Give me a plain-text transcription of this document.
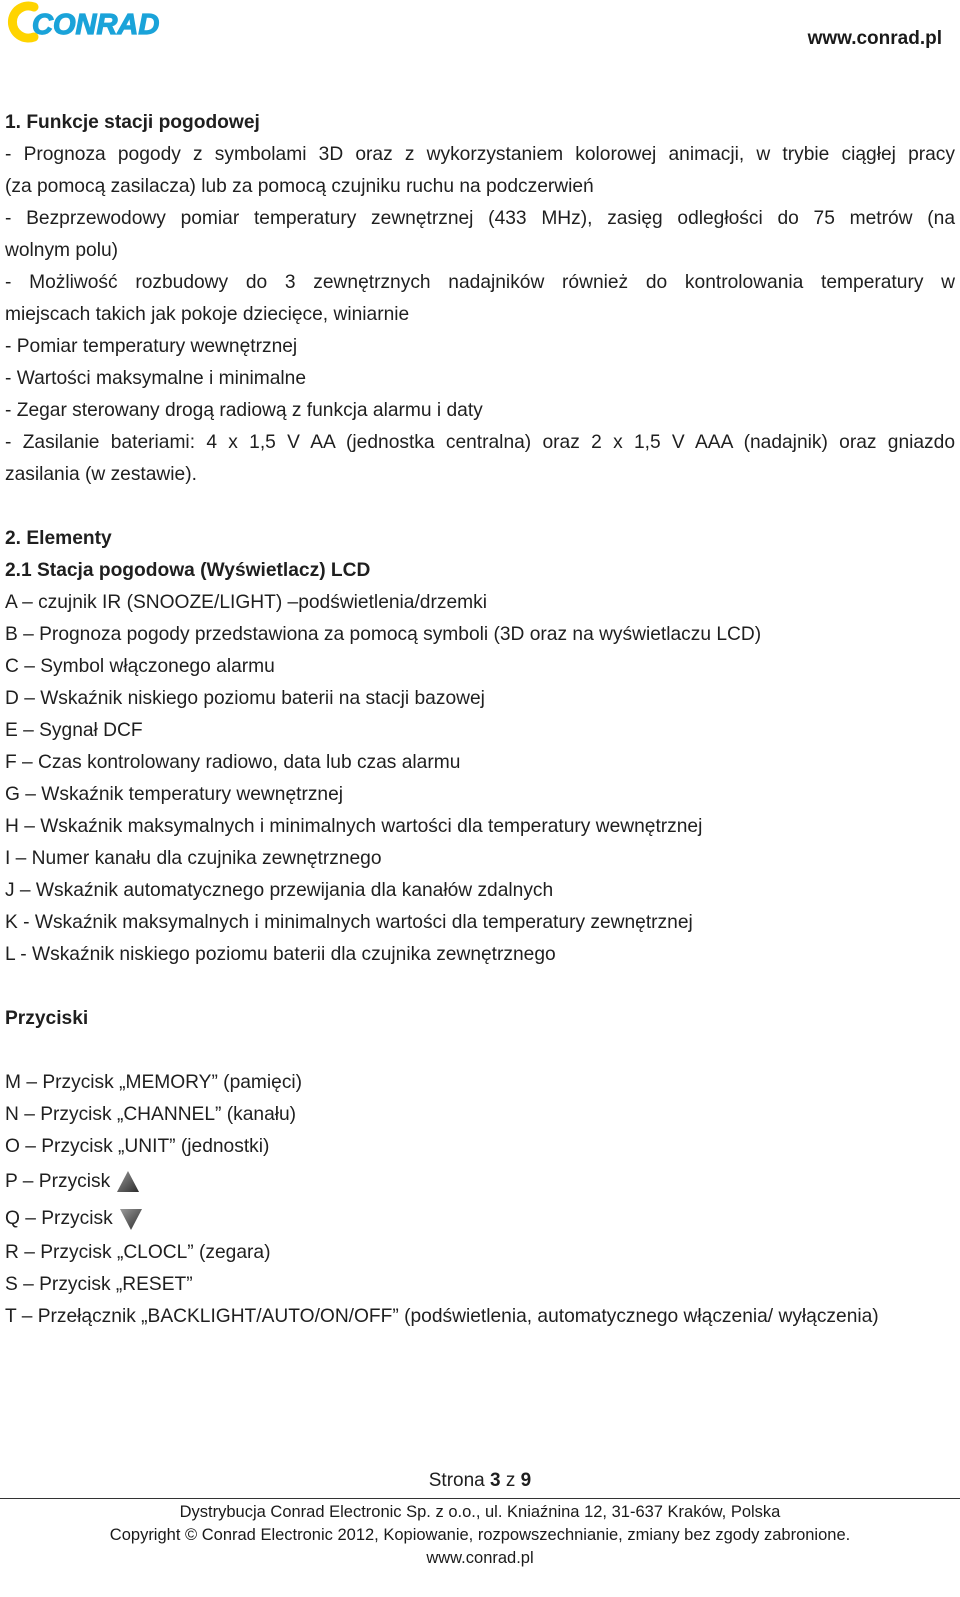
CONRAD	www.conrad.pl
1. Funkcje stacji pogodowej
- Prognoza pogody z symbolami 3D oraz z wykorzystaniem kolorowej animacji, w trybie ciągłej pracy
(za pomocą zasilacza) lub za pomocą czujniku ruchu na podczerwień
- Bezprzewodowy pomiar temperatury zewnętrznej (433 MHz), zasięg odległości do 75 metrów (na
wolnym polu)
- Możliwość rozbudowy do 3 zewnętrznych nadajników również do kontrolowania temperatury w
miejscach takich jak pokoje dziecięce, winiarnie
- Pomiar temperatury wewnętrznej
- Wartości maksymalne i minimalne
- Zegar sterowany drogą radiową z funkcja alarmu i daty
- Zasilanie bateriami: 4 x 1,5 V AA (jednostka centralna) oraz 2 x 1,5 V AAA (nadajnik) oraz gniazdo
zasilania (w zestawie).
2. Elementy
2.1 Stacja pogodowa (Wyświetlacz) LCD
A – czujnik IR (SNOOZE/LIGHT) –podświetlenia/drzemki
B – Prognoza pogody przedstawiona za pomocą symboli (3D oraz na wyświetlaczu LCD)
C – Symbol włączonego alarmu
D – Wskaźnik niskiego poziomu baterii na stacji bazowej
E – Sygnał DCF
F – Czas kontrolowany radiowo, data lub czas alarmu
G – Wskaźnik temperatury wewnętrznej
H – Wskaźnik maksymalnych i minimalnych wartości dla temperatury wewnętrznej
I – Numer kanału dla czujnika zewnętrznego
J – Wskaźnik automatycznego przewijania dla kanałów zdalnych
K - Wskaźnik maksymalnych i minimalnych wartości dla temperatury zewnętrznej
L - Wskaźnik niskiego poziomu baterii dla czujnika zewnętrznego
Przyciski
M – Przycisk „MEMORY” (pamięci)
N – Przycisk „CHANNEL” (kanału)
O – Przycisk „UNIT” (jednostki)
P – Przycisk
Q – Przycisk
R – Przycisk „CLOCL” (zegara)
S – Przycisk „RESET”
T – Przełącznik „BACKLIGHT/AUTO/ON/OFF” (podświetlenia, automatycznego włączenia/ wyłączenia)
Strona 3 z 9
Dystrybucja Conrad Electronic Sp. z o.o., ul. Kniaźnina 12, 31-637 Kraków, Polska
Copyright © Conrad Electronic 2012, Kopiowanie, rozpowszechnianie, zmiany bez zgody zabronione.
www.conrad.pl
